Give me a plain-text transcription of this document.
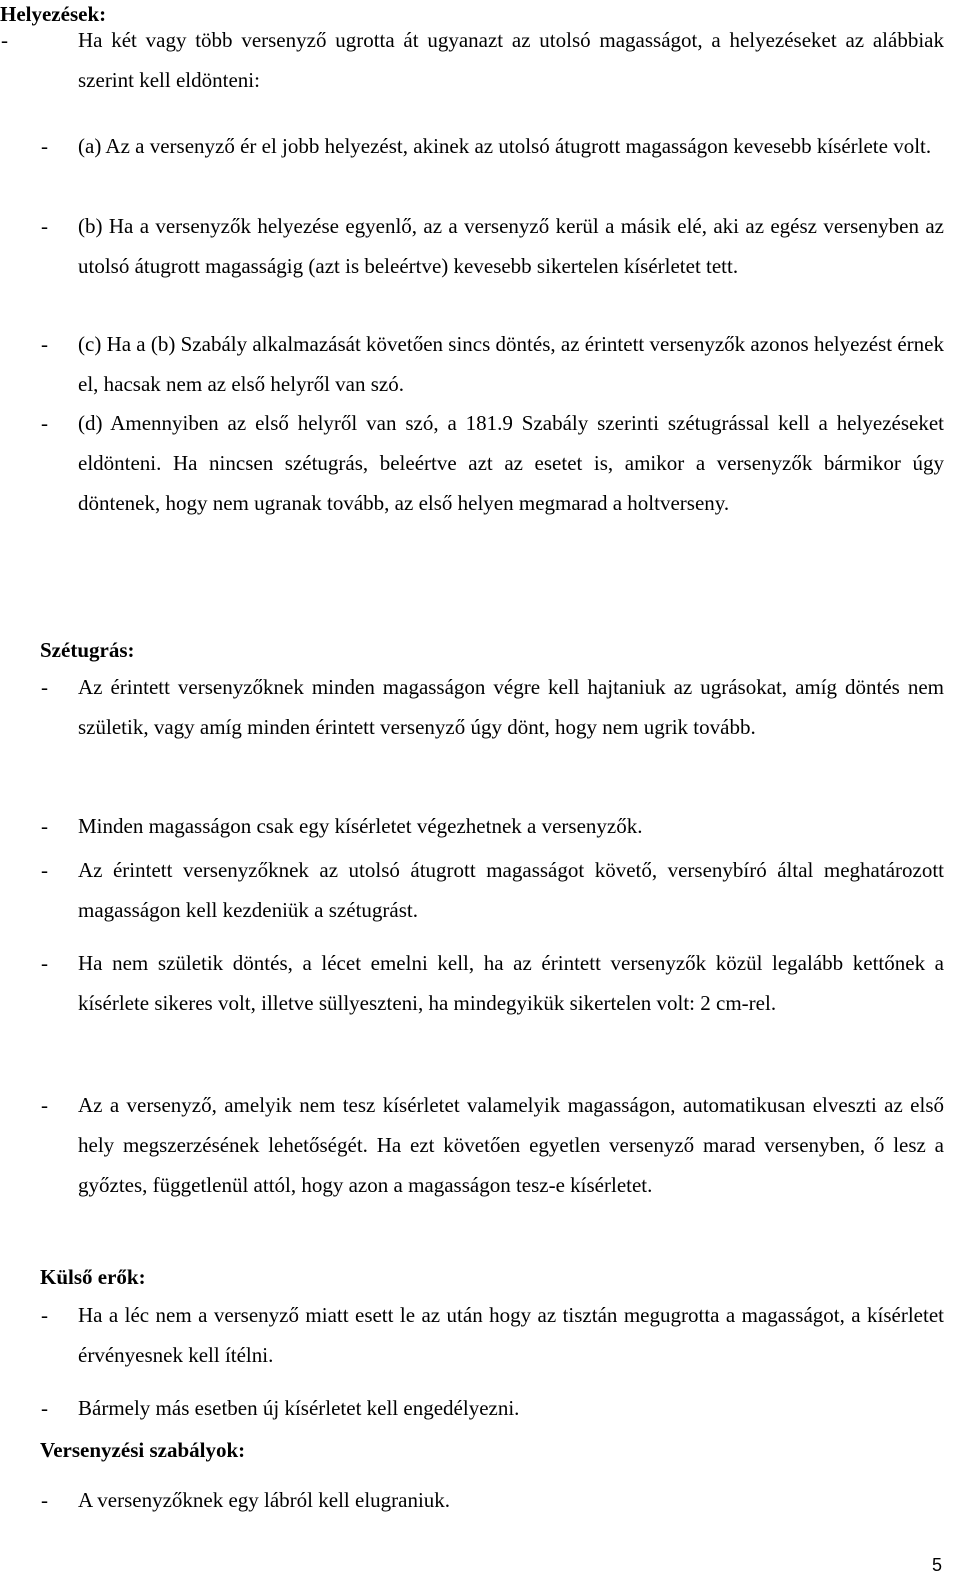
Helyezések:

-	Ha két vagy több versenyző ugrotta át ugyanazt az utolsó magasságot, a helyezéseket az alábbiak szerint kell eldönteni:

- (a) Az a versenyző ér el jobb helyezést, akinek az utolsó átugrott magasságon kevesebb kísérlete volt.

- (b) Ha a versenyzők helyezése egyenlő, az a versenyző kerül a másik elé, aki az egész versenyben az utolsó átugrott magasságig (azt is beleértve) kevesebb sikertelen kísérletet tett.

- (c) Ha a (b) Szabály alkalmazását követően sincs döntés, az érintett versenyzők azonos helyezést érnek el, hacsak nem az első helyről van szó.

- (d) Amennyiben az első helyről van szó, a 181.9 Szabály szerinti szétugrással kell a helyezéseket eldönteni. Ha nincsen szétugrás, beleértve azt az esetet is, amikor a versenyzők bármikor úgy döntenek, hogy nem ugranak tovább, az első helyen megmarad a holtverseny.

Szétugrás:

- Az érintett versenyzőknek minden magasságon végre kell hajtaniuk az ugrásokat, amíg döntés nem születik, vagy amíg minden érintett versenyző úgy dönt, hogy nem ugrik tovább.

- Minden magasságon csak egy kísérletet végezhetnek a versenyzők.

- Az érintett versenyzőknek az utolsó átugrott magasságot követő, versenybíró által meghatározott magasságon kell kezdeniük a szétugrást.

- Ha nem születik döntés, a lécet emelni kell, ha az érintett versenyzők közül legalább kettőnek a kísérlete sikeres volt, illetve süllyeszteni, ha mindegyikük sikertelen volt: 2 cm-rel.

- Az a versenyző, amelyik nem tesz kísérletet valamelyik magasságon, automatikusan elveszti az első hely megszerzésének lehetőségét. Ha ezt követően egyetlen versenyző marad versenyben, ő lesz a győztes, függetlenül attól, hogy azon a magasságon tesz-e kísérletet.

Külső erők:

- Ha a léc nem a versenyző miatt esett le az után hogy az tisztán megugrotta a magasságot, a kísérletet érvényesnek kell ítélni.

- Bármely más esetben új kísérletet kell engedélyezni.

Versenyzési szabályok:

- A versenyzőknek egy lábról kell elugraniuk.

5
